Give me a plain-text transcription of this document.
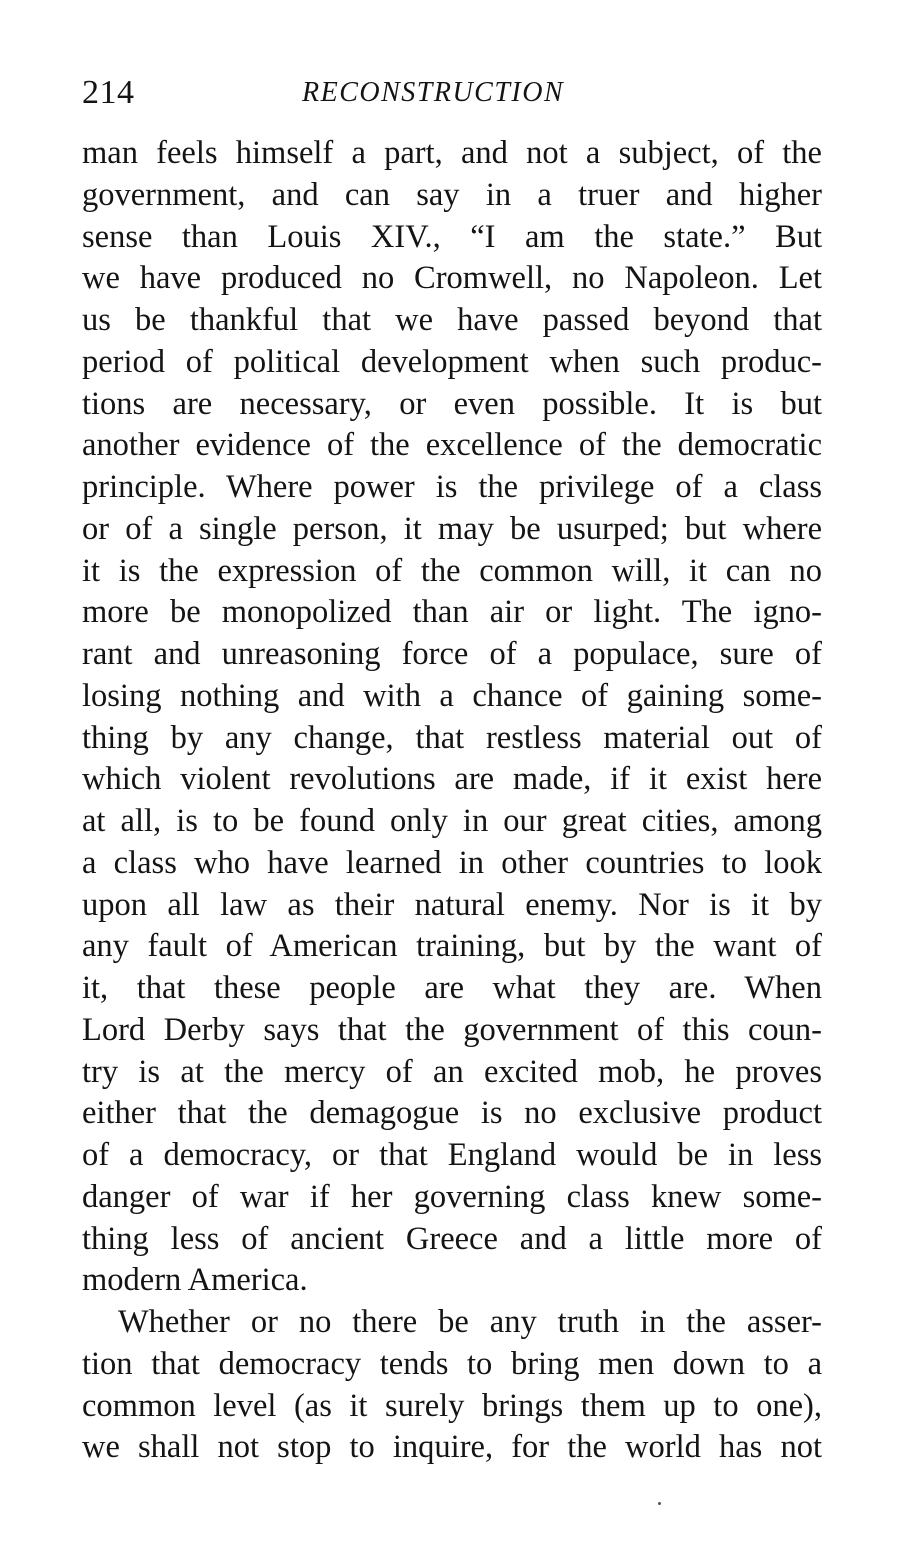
214	RECONSTRUCTION
man feels himself a part, and not a subject, of the
government, and can say in a truer and higher
sense than Louis XIV., “I am the state.” But
we have produced no Cromwell, no Napoleon. Let
us be thankful that we have passed beyond that
period of political development when such produc-
tions are necessary, or even possible. It is but
another evidence of the excellence of the democratic
principle. Where power is the privilege of a class
or of a single person, it may be usurped; but where
it is the expression of the common will, it can no
more be monopolized than air or light. The igno-
rant and unreasoning force of a populace, sure of
losing nothing and with a chance of gaining some-
thing by any change, that restless material out of
which violent revolutions are made, if it exist here
at all, is to be found only in our great cities, among
a class who have learned in other countries to look
upon all law as their natural enemy. Nor is it by
any fault of American training, but by the want of
it, that these people are what they are. When
Lord Derby says that the government of this coun-
try is at the mercy of an excited mob, he proves
either that the demagogue is no exclusive product
of a democracy, or that England would be in less
danger of war if her governing class knew some-
thing less of ancient Greece and a little more of
modern America.
Whether or no there be any truth in the asser-
tion that democracy tends to bring men down to a
common level (as it surely brings them up to one),
we shall not stop to inquire, for the world has not
